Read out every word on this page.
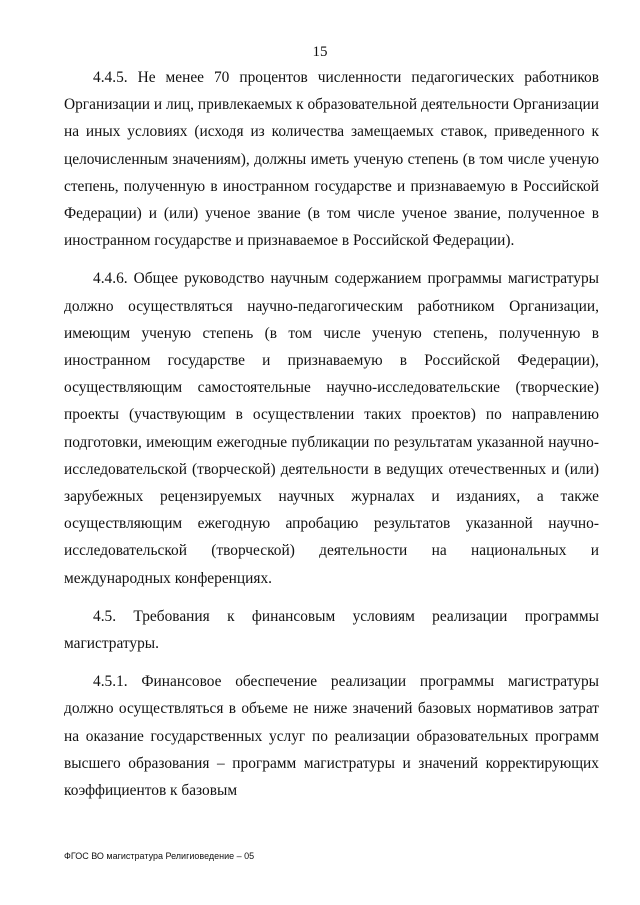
15

4.4.5. Не менее 70 процентов численности педагогических работников Организации и лиц, привлекаемых к образовательной деятельности Организации на иных условиях (исходя из количества замещаемых ставок, приведенного к целочисленным значениям), должны иметь ученую степень (в том числе ученую степень, полученную в иностранном государстве и признаваемую в Российской Федерации) и (или) ученое звание (в том числе ученое звание, полученное в иностранном государстве и признаваемое в Российской Федерации).

4.4.6. Общее руководство научным содержанием программы магистратуры должно осуществляться научно-педагогическим работником Организации, имеющим ученую степень (в том числе ученую степень, полученную в иностранном государстве и признаваемую в Российской Федерации), осуществляющим самостоятельные научно-исследовательские (творческие) проекты (участвующим в осуществлении таких проектов) по направлению подготовки, имеющим ежегодные публикации по результатам указанной научно-исследовательской (творческой) деятельности в ведущих отечественных и (или) зарубежных рецензируемых научных журналах и изданиях, а также осуществляющим ежегодную апробацию результатов указанной научно-исследовательской (творческой) деятельности на национальных и международных конференциях.

4.5. Требования к финансовым условиям реализации программы магистратуры.

4.5.1. Финансовое обеспечение реализации программы магистратуры должно осуществляться в объеме не ниже значений базовых нормативов затрат на оказание государственных услуг по реализации образовательных программ высшего образования – программ магистратуры и значений корректирующих коэффициентов к базовым

ФГОС ВО магистратура Религиоведение – 05
